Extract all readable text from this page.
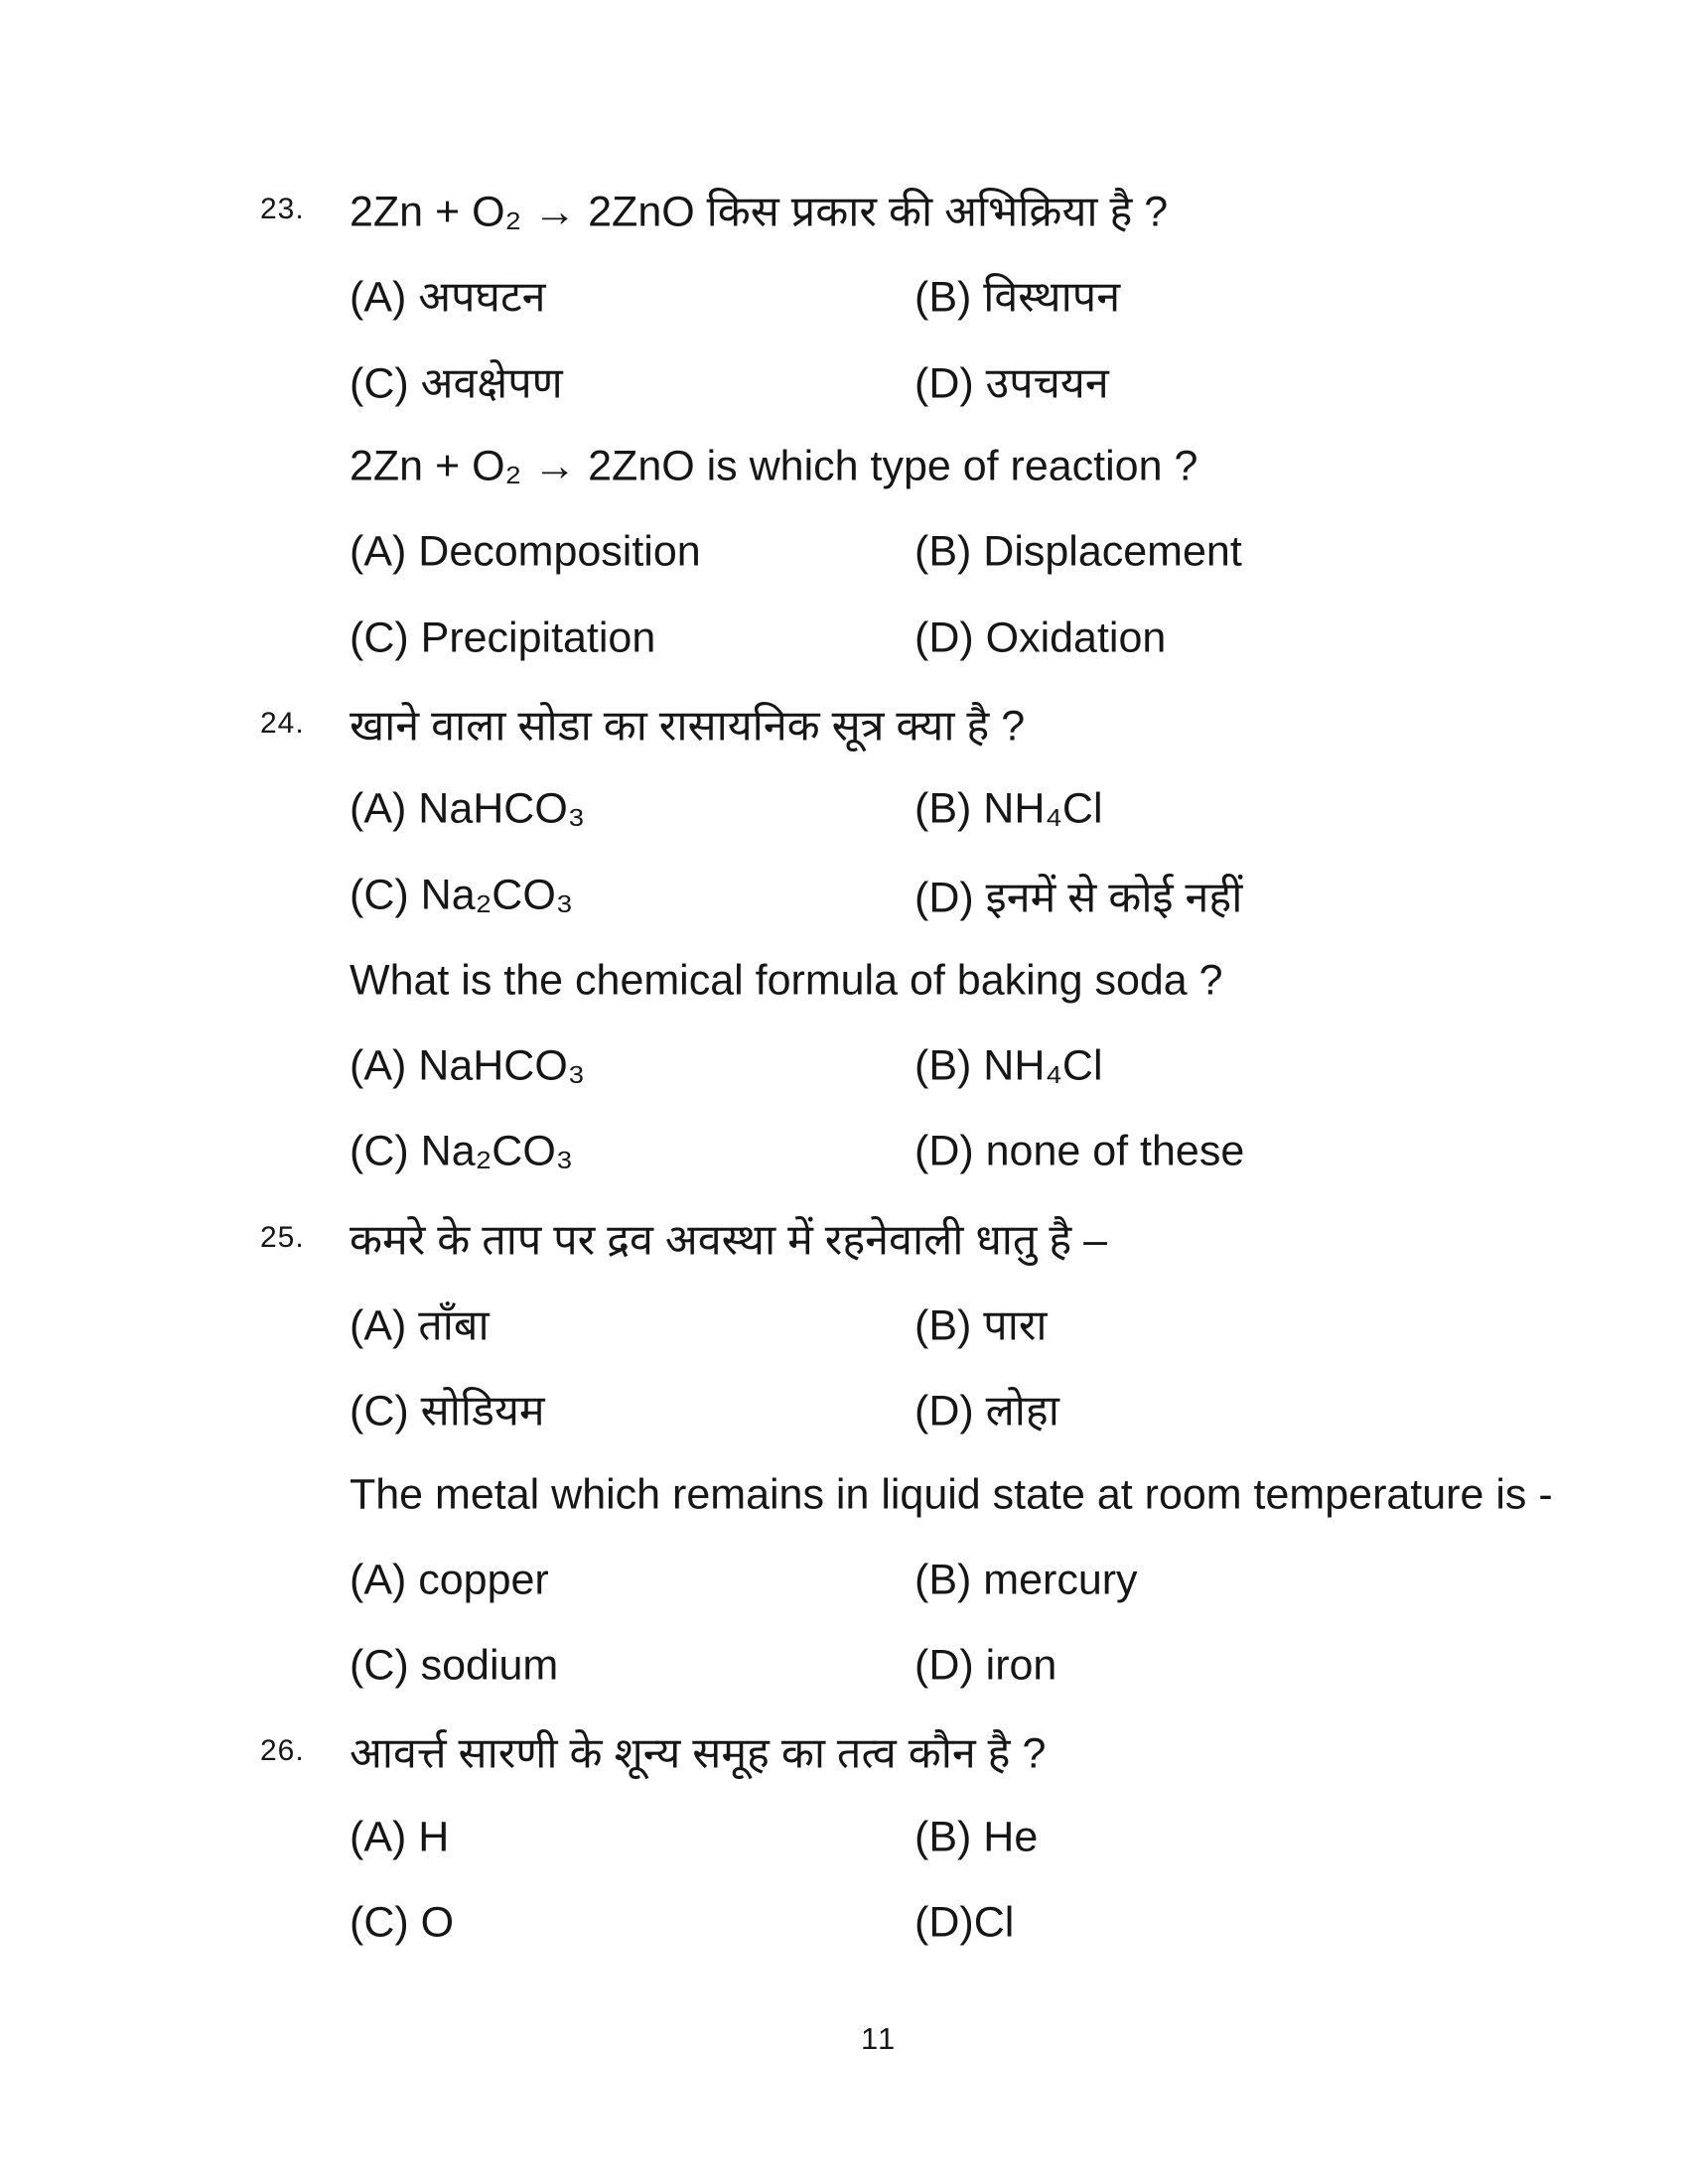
23. 2Zn + O₂ → 2ZnO किस प्रकार की अभिक्रिया है ?
(A) अपघटन	(B) विस्थापन
(C) अवक्षेपण	(D) उपचयन
2Zn + O₂ → 2ZnO is which type of reaction ?
(A) Decomposition	(B) Displacement
(C) Precipitation	(D) Oxidation
24. खाने वाला सोडा का रासायनिक सूत्र क्या है ?
(A) NaHCO₃	(B) NH₄Cl
(C) Na₂CO₃	(D) इनमें से कोई नहीं
What is the chemical formula of baking soda ?
(A) NaHCO₃	(B) NH₄Cl
(C) Na₂CO₃	(D) none of these
25. कमरे के ताप पर द्रव अवस्था में रहनेवाली धातु है –
(A) ताँबा	(B) पारा
(C) सोडियम	(D) लोहा
The metal which remains in liquid state at room temperature is -
(A) copper	(B) mercury
(C) sodium	(D) iron
26. आवर्त्त सारणी के शून्य समूह का तत्व कौन है ?
(A) H	(B) He
(C) O	(D)Cl
11
